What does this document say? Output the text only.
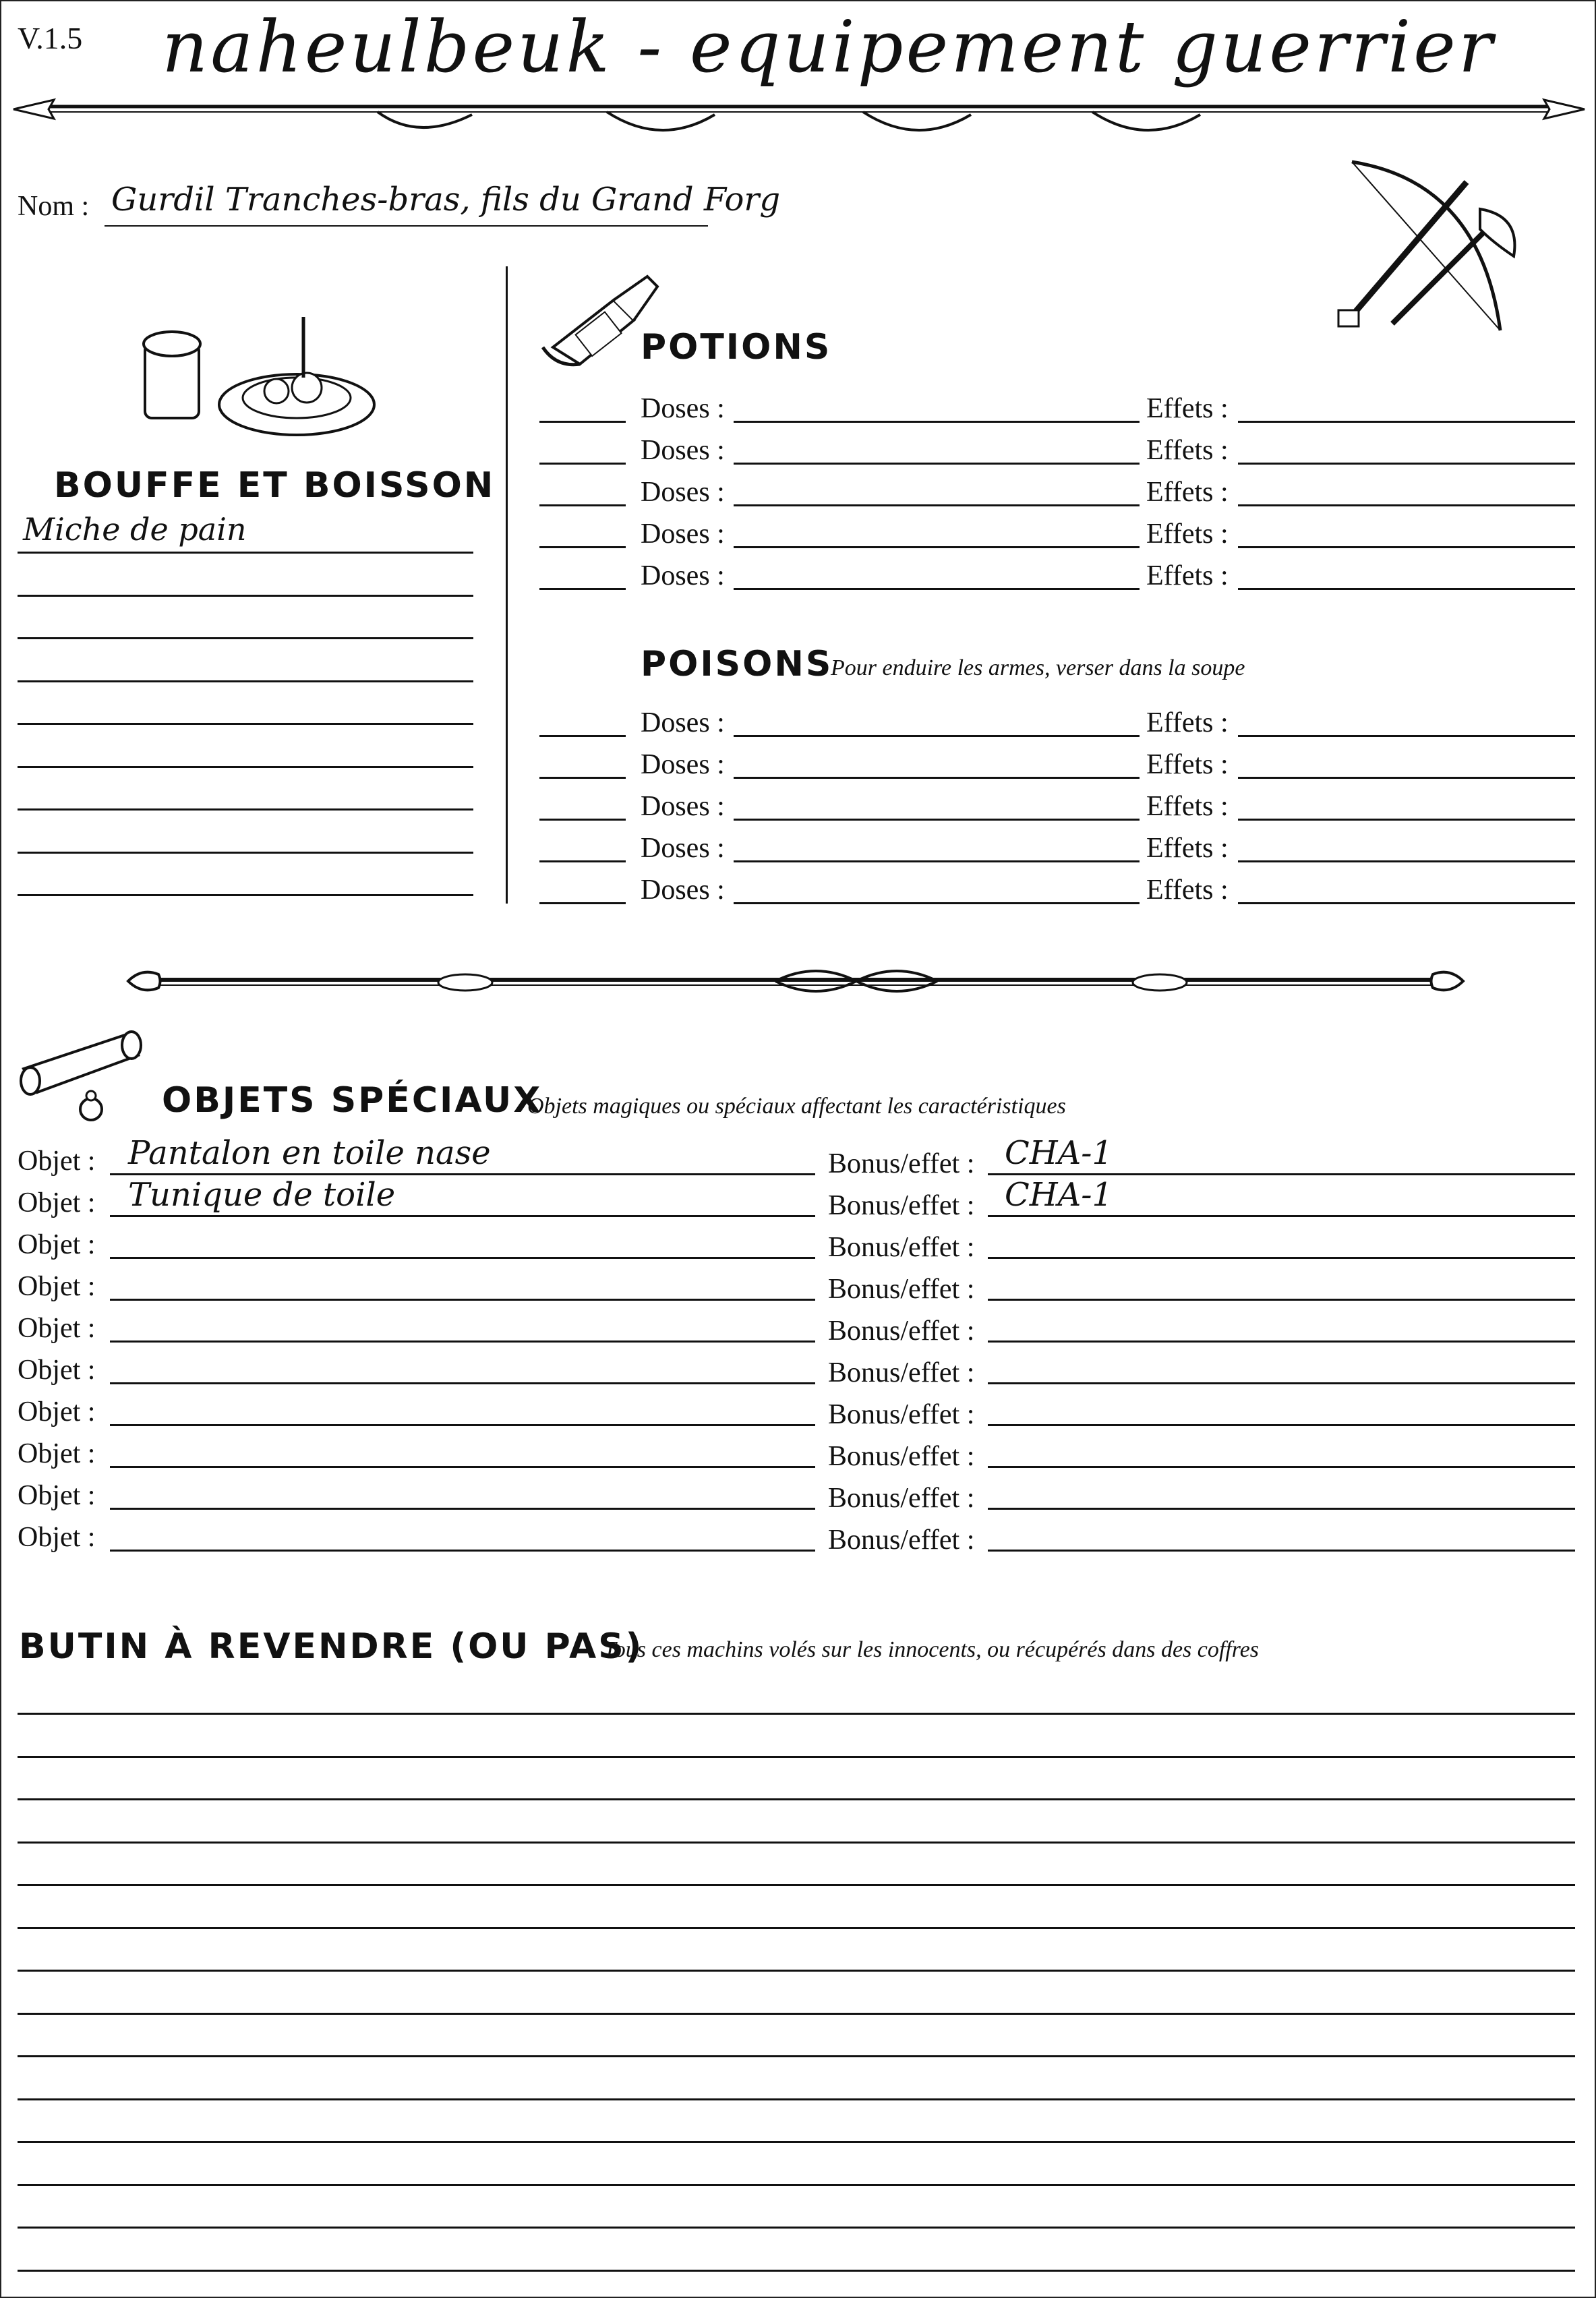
V.1.5 naheulbeuk - equipement guerrier
Nom : Gurdil Tranches-bras, fils du Grand Forg
BOUFFE ET BOISSON
Miche de pain
POTIONS
Doses :	Effets :
Doses :	Effets :
Doses :	Effets :
Doses :	Effets :
Doses :	Effets :
POISONS
Pour enduire les armes, verser dans la soupe
Doses :	Effets :
Doses :	Effets :
Doses :	Effets :
Doses :	Effets :
Doses :	Effets :
OBJETS SPÉCIAUX
Objets magiques ou spéciaux affectant les caractéristiques
Objet : Pantalon en toile nase	Bonus/effet : CHA-1
Objet : Tunique de toile	Bonus/effet : CHA-1
Objet :	Bonus/effet :
Objet :	Bonus/effet :
Objet :	Bonus/effet :
Objet :	Bonus/effet :
Objet :	Bonus/effet :
Objet :	Bonus/effet :
Objet :	Bonus/effet :
Objet :	Bonus/effet :
BUTIN À REVENDRE (OU PAS)
Tous ces machins volés sur les innocents, ou récupérés dans des coffres
